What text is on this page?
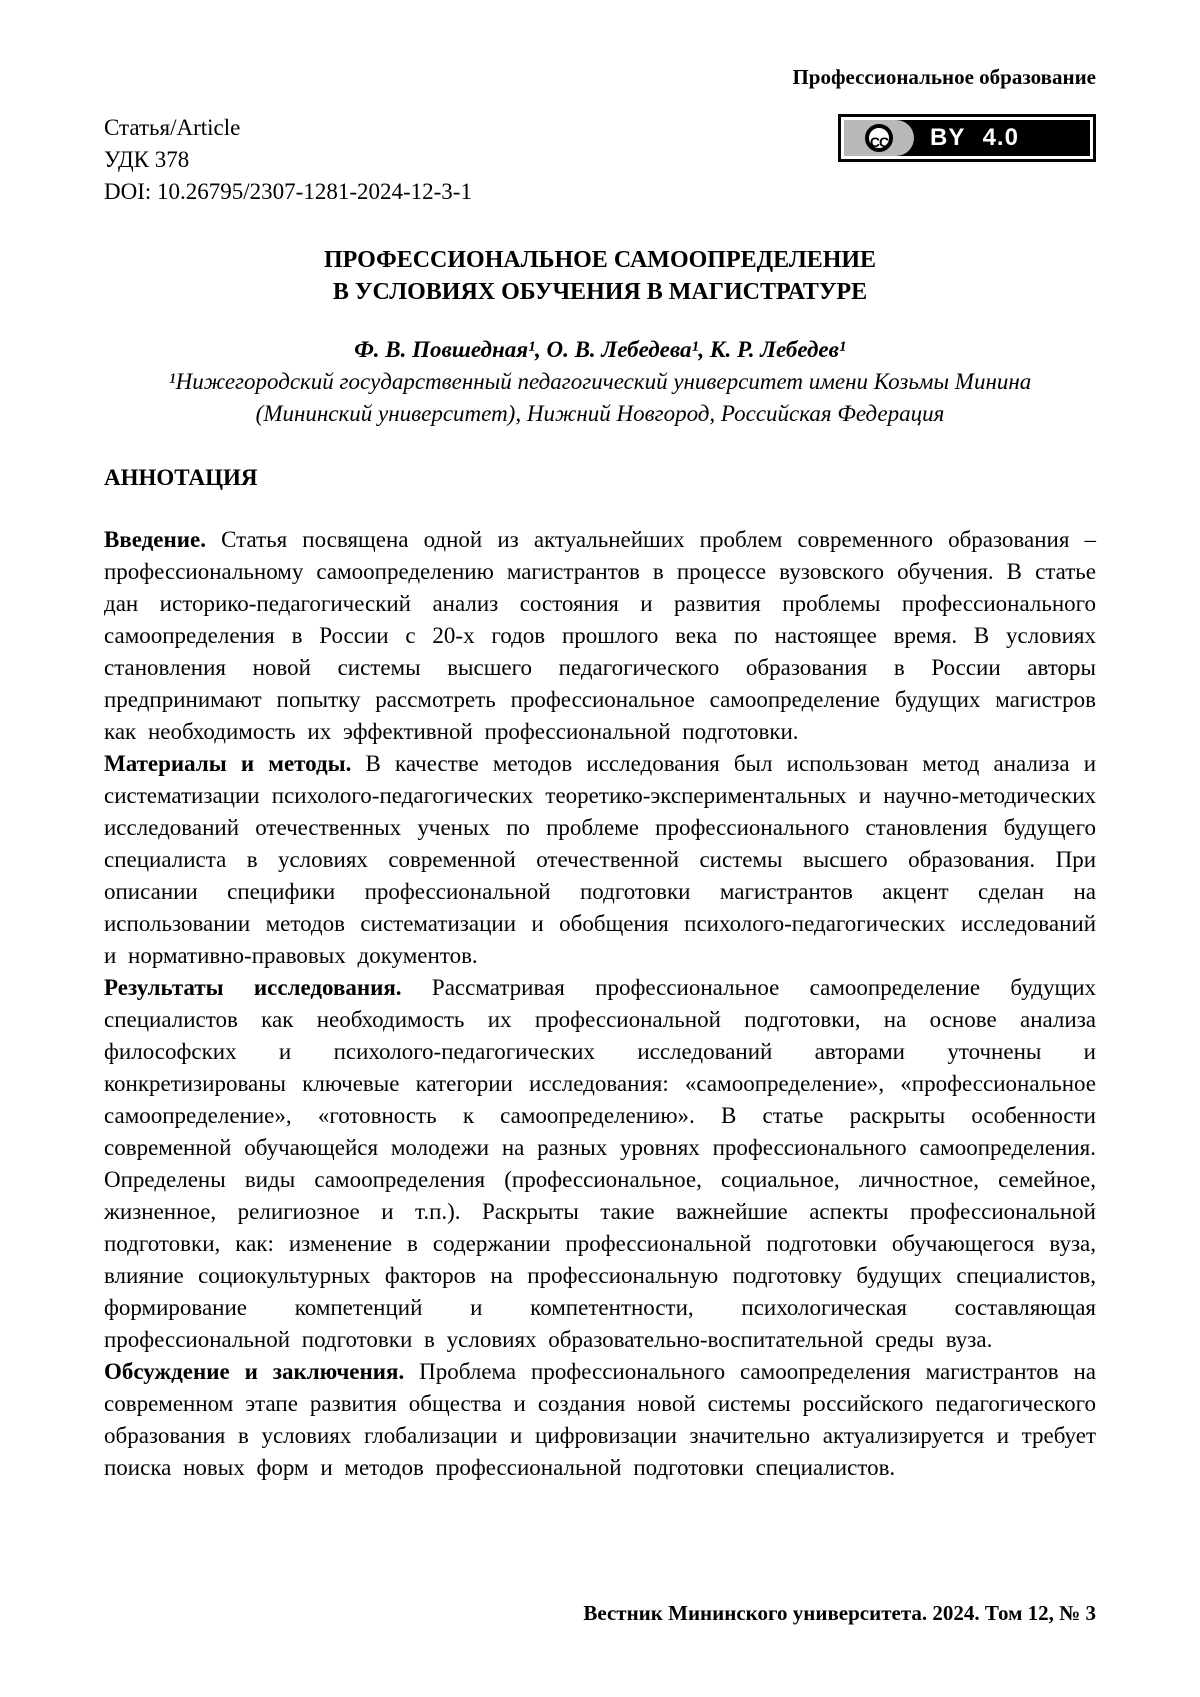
Профессиональное образование
Статья/Article
УДК 378
DOI: 10.26795/2307-1281-2024-12-3-1
CC BY 4.0
ПРОФЕССИОНАЛЬНОЕ САМООПРЕДЕЛЕНИЕ
В УСЛОВИЯХ ОБУЧЕНИЯ В МАГИСТРАТУРЕ
Ф. В. Повшедная¹, О. В. Лебедева¹, К. Р. Лебедев¹
¹Нижегородский государственный педагогический университет имени Козьмы Минина
(Мининский университет), Нижний Новгород, Российская Федерация
АННОТАЦИЯ

Введение. Статья посвящена одной из актуальнейших проблем современного образования – профессиональному самоопределению магистрантов в процессе вузовского обучения. В статье дан историко-педагогический анализ состояния и развития проблемы профессионального самоопределения в России с 20-х годов прошлого века по настоящее время. В условиях становления новой системы высшего педагогического образования в России авторы предпринимают попытку рассмотреть профессиональное самоопределение будущих магистров как необходимость их эффективной профессиональной подготовки.

Материалы и методы. В качестве методов исследования был использован метод анализа и систематизации психолого-педагогических теоретико-экспериментальных и научно-методических исследований отечественных ученых по проблеме профессионального становления будущего специалиста в условиях современной отечественной системы высшего образования. При описании специфики профессиональной подготовки магистрантов акцент сделан на использовании методов систематизации и обобщения психолого-педагогических исследований и нормативно-правовых документов.

Результаты исследования. Рассматривая профессиональное самоопределение будущих специалистов как необходимость их профессиональной подготовки, на основе анализа философских и психолого-педагогических исследований авторами уточнены и конкретизированы ключевые категории исследования: «самоопределение», «профессиональное самоопределение», «готовность к самоопределению». В статье раскрыты особенности современной обучающейся молодежи на разных уровнях профессионального самоопределения. Определены виды самоопределения (профессиональное, социальное, личностное, семейное, жизненное, религиозное и т.п.). Раскрыты такие важнейшие аспекты профессиональной подготовки, как: изменение в содержании профессиональной подготовки обучающегося вуза, влияние социокультурных факторов на профессиональную подготовку будущих специалистов, формирование компетенций и компетентности, психологическая составляющая профессиональной подготовки в условиях образовательно-воспитательной среды вуза.

Обсуждение и заключения. Проблема профессионального самоопределения магистрантов на современном этапе развития общества и создания новой системы российского педагогического образования в условиях глобализации и цифровизации значительно актуализируется и требует поиска новых форм и методов профессиональной подготовки специалистов.

Вестник Мининского университета. 2024. Том 12, № 3
